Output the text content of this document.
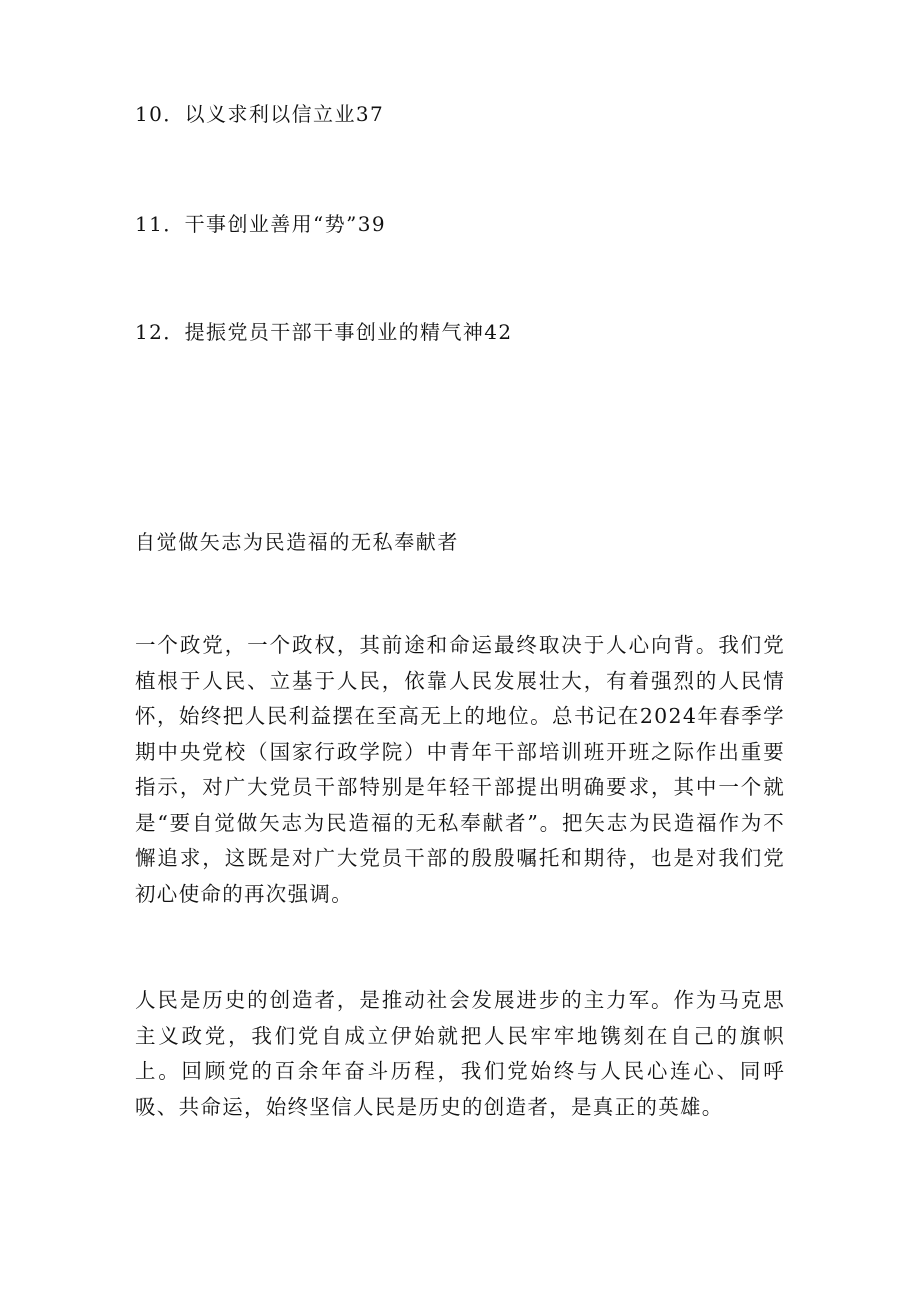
10．以义求利以信立业37
11．干事创业善用“势”39
12．提振党员干部干事创业的精气神42
自觉做矢志为民造福的无私奉献者

一个政党，一个政权，其前途和命运最终取决于人心向背。我们党植根于人民、立基于人民，依靠人民发展壮大，有着强烈的人民情怀，始终把人民利益摆在至高无上的地位。总书记在2024年春季学期中央党校（国家行政学院）中青年干部培训班开班之际作出重要指示，对广大党员干部特别是年轻干部提出明确要求，其中一个就是“要自觉做矢志为民造福的无私奉献者”。把矢志为民造福作为不懈追求，这既是对广大党员干部的殷殷嘱托和期待，也是对我们党初心使命的再次强调。

人民是历史的创造者，是推动社会发展进步的主力军。作为马克思主义政党，我们党自成立伊始就把人民牢牢地镌刻在自己的旗帜上。回顾党的百余年奋斗历程，我们党始终与人民心连心、同呼吸、共命运，始终坚信人民是历史的创造者，是真正的英雄。
